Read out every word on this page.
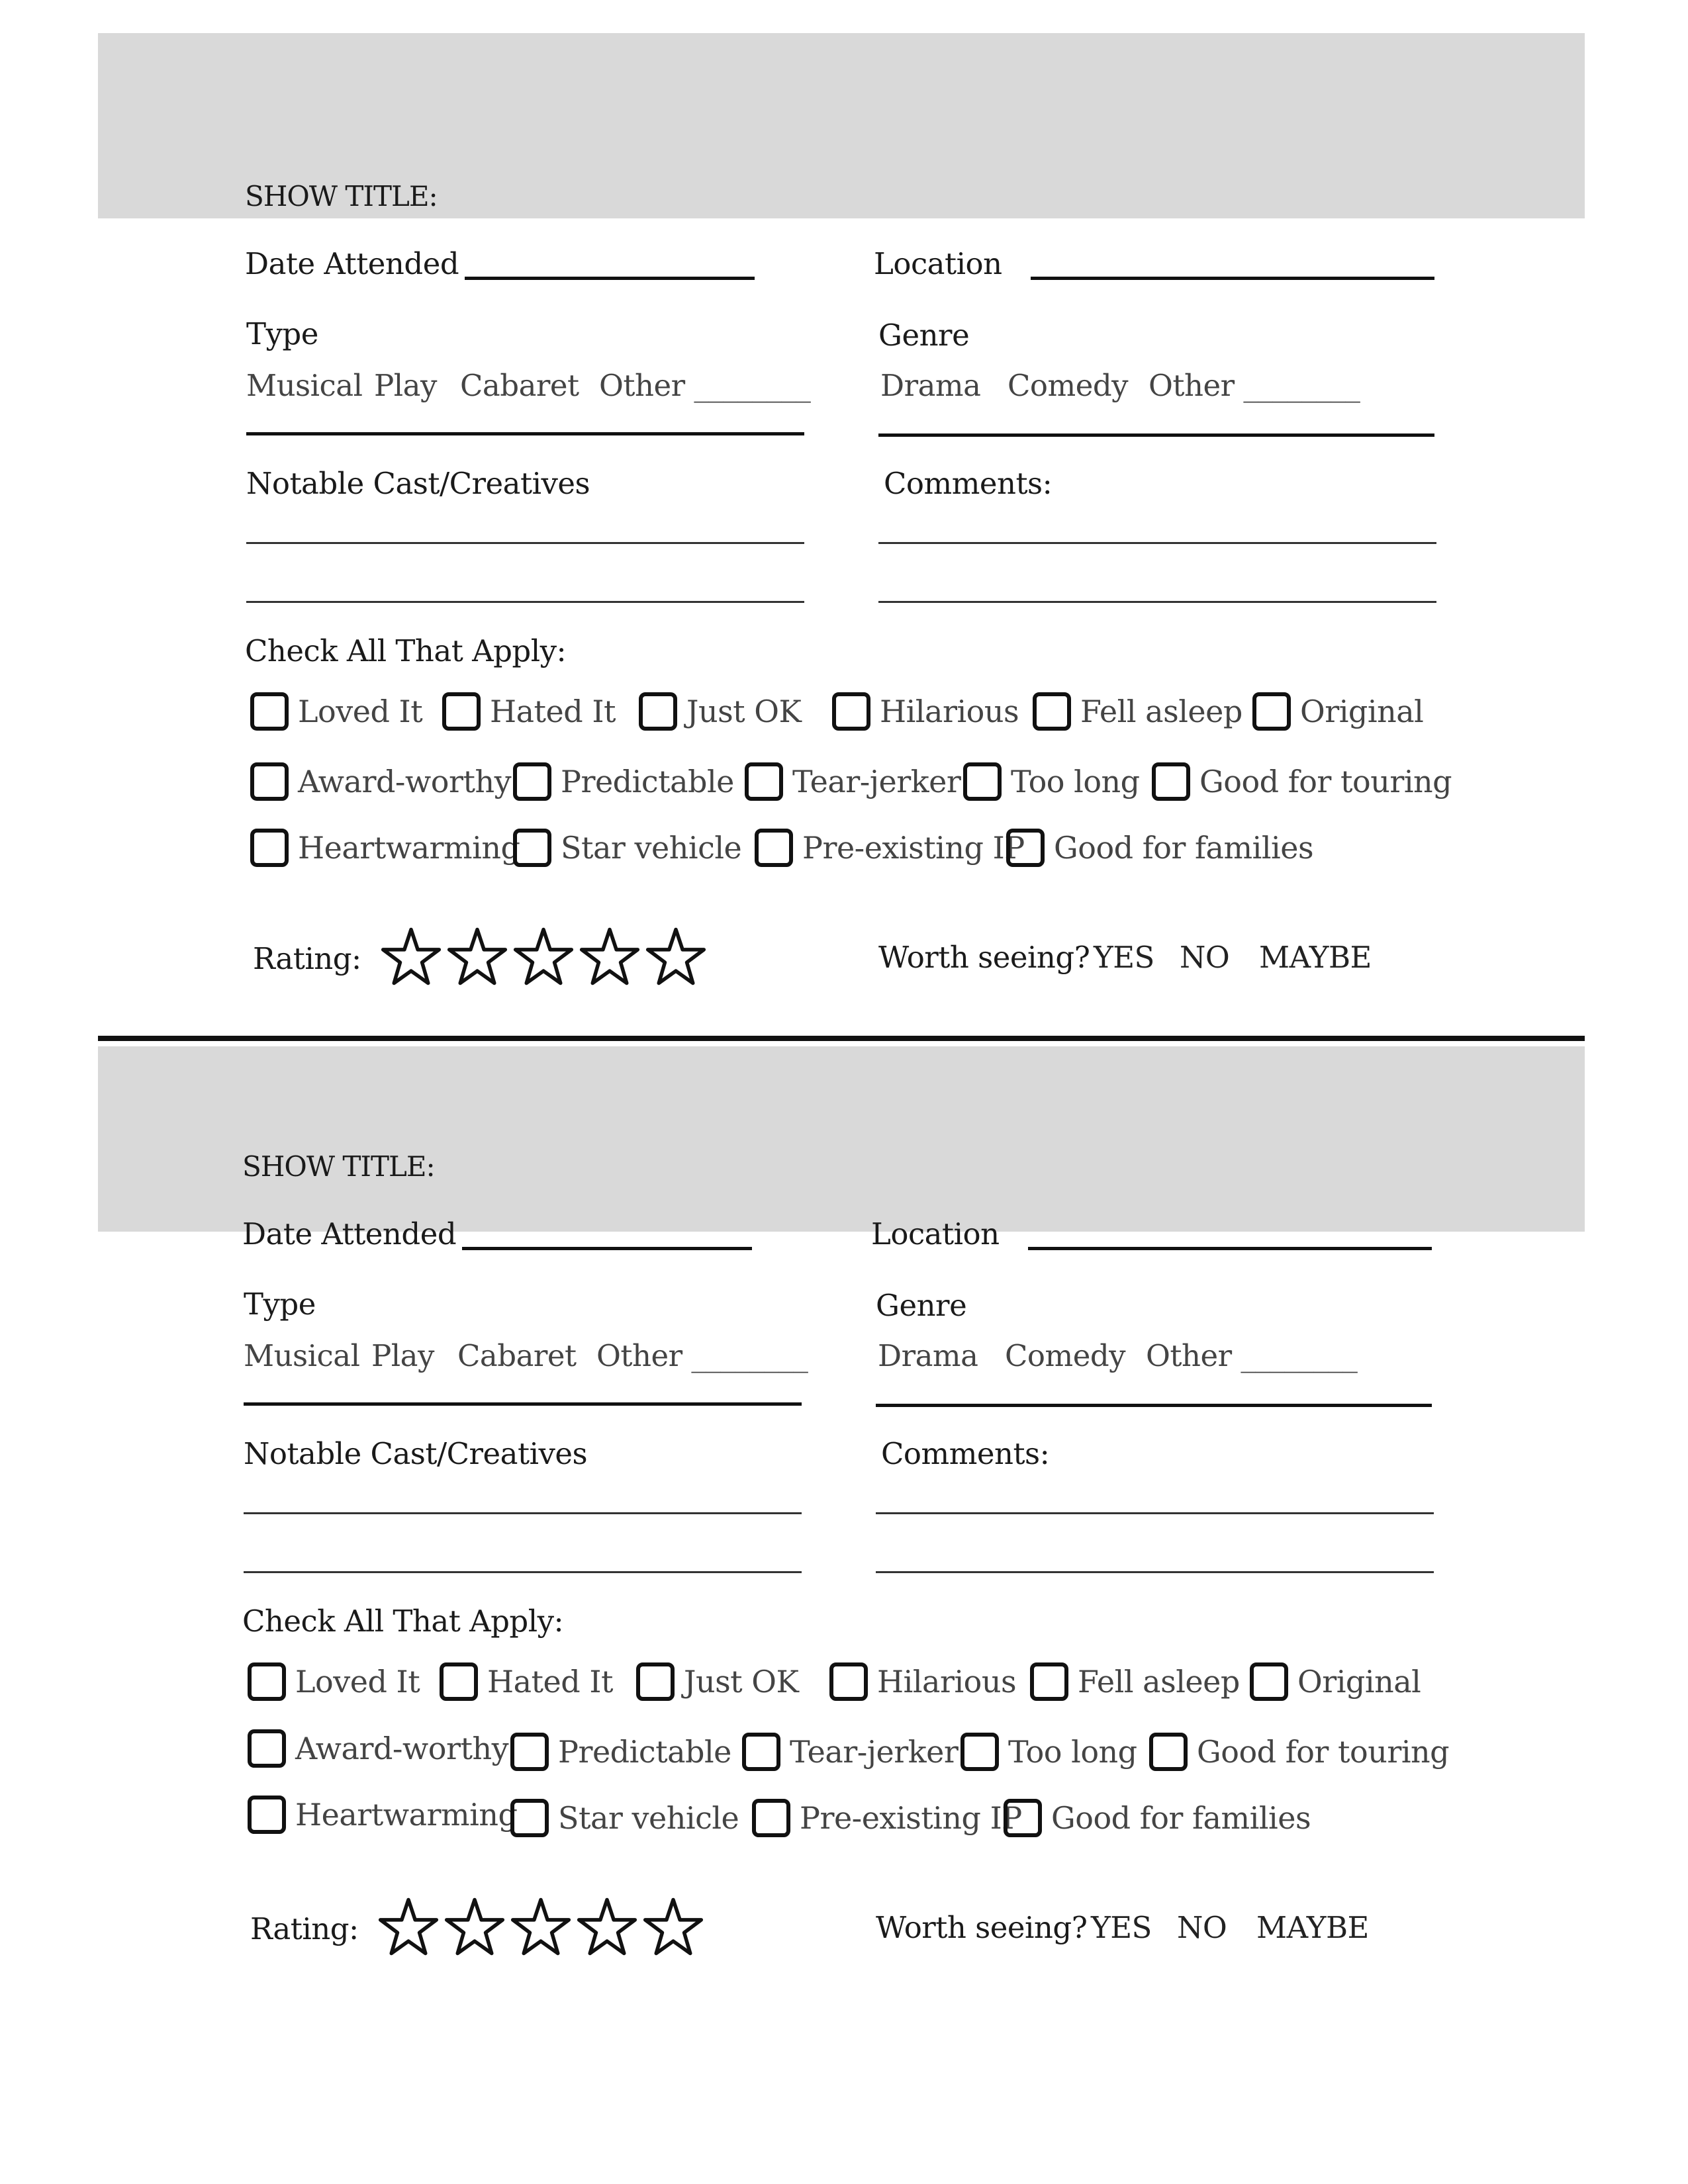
SHOW TITLE:
Date Attended	Location
Type
Musical Play Cabaret Other ________
Genre
Drama Comedy Other ________
Notable Cast/Creatives	Comments:
Check All That Apply:
Loved It Hated It Just OK	Hilarious Fell asleep Original
Award-worthy Predictable Tear-jerker Too long Good for touring
Heartwarming Star vehicle Pre-existing IP Good for families
Rating:	Worth seeing? YES NO MAYBE
SHOW TITLE:
Date Attended	Location
Type
Musical Play Cabaret Other ________
Genre
Drama Comedy Other ________
Notable Cast/Creatives	Comments:
Check All That Apply:
Loved It Hated It Just OK	Hilarious Fell asleep Original
Award-worthy Predictable Tear-jerker Too long Good for touring
Heartwarming Star vehicle Pre-existing IP Good for families
Rating:	Worth seeing? YES NO MAYBE
